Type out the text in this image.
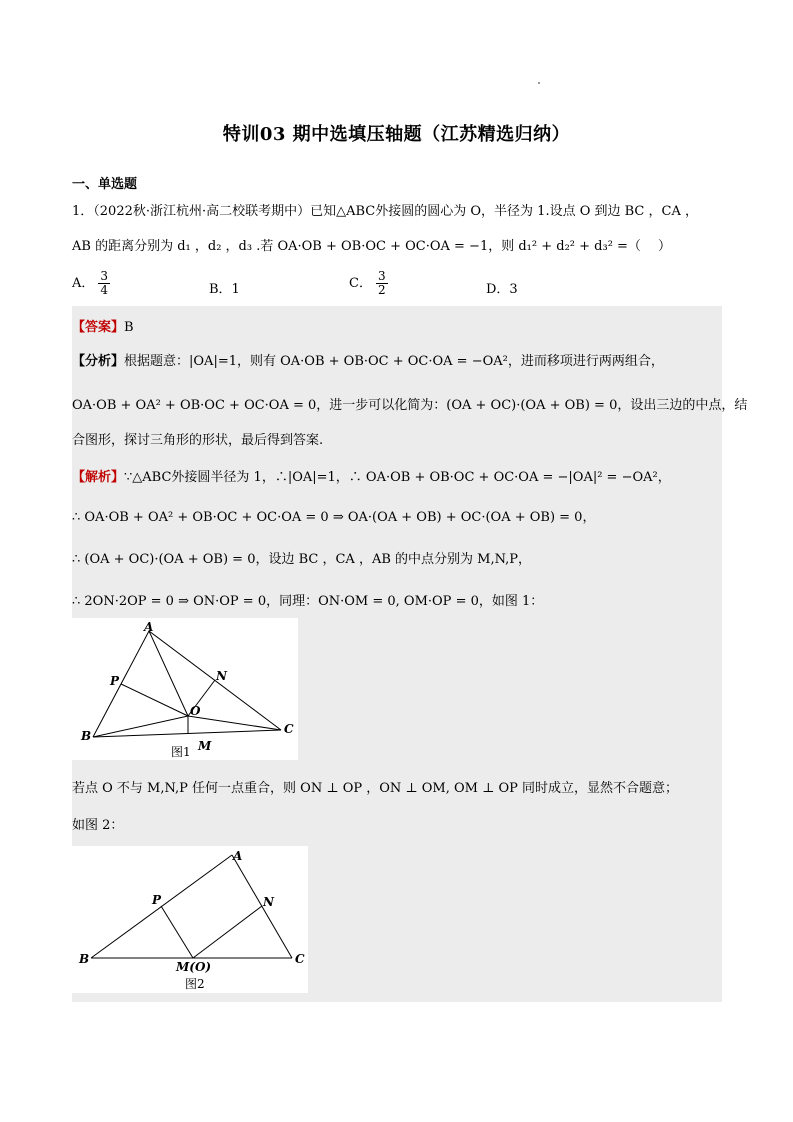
特训03 期中选填压轴题（江苏精选归纳）
一、单选题
1．（2022秋·浙江杭州·高二校联考期中）已知△ABC外接圆的圆心为 O，半径为 1.设点 O 到边 BC ，CA ，
AB 的距离分别为 d₁ ，d₂ ，d₃ .若 OA·OB + OB·OC + OC·OA = −1，则 d₁² + d₂² + d₃² =（　 ）
A． $\frac{3}{4}$	B．1	C． $\frac{3}{2}$	D．3
【答案】B
【分析】根据题意：|OA|=1，则有 OA·OB + OB·OC + OC·OA = −OA²，进而移项进行两两组合，
OA·OB + OA² + OB·OC + OC·OA = 0，进一步可以化简为：(OA + OC)·(OA + OB) = 0，设出三边的中点，结
合图形，探讨三角形的形状，最后得到答案.
【解析】∵△ABC外接圆半径为 1，∴|OA|=1，∴ OA·OB + OB·OC + OC·OA = −|OA|² = −OA²，
∴ OA·OB + OA² + OB·OC + OC·OA = 0 ⇒ OA·(OA + OB) + OC·(OA + OB) = 0，
∴ (OA + OC)·(OA + OB) = 0，设边 BC ，CA ，AB 的中点分别为 M,N,P，
∴ 2ON·2OP = 0 ⇒ ON·OP = 0，同理：ON·OM = 0, OM·OP = 0，如图 1：
A
B	C
P	N
O
M
图1
若点 O 不与 M,N,P 任何一点重合，则 ON ⊥ OP ，ON ⊥ OM, OM ⊥ OP 同时成立，显然不合题意；
如图 2：
A
B	C
P	N
M(O)
图2
